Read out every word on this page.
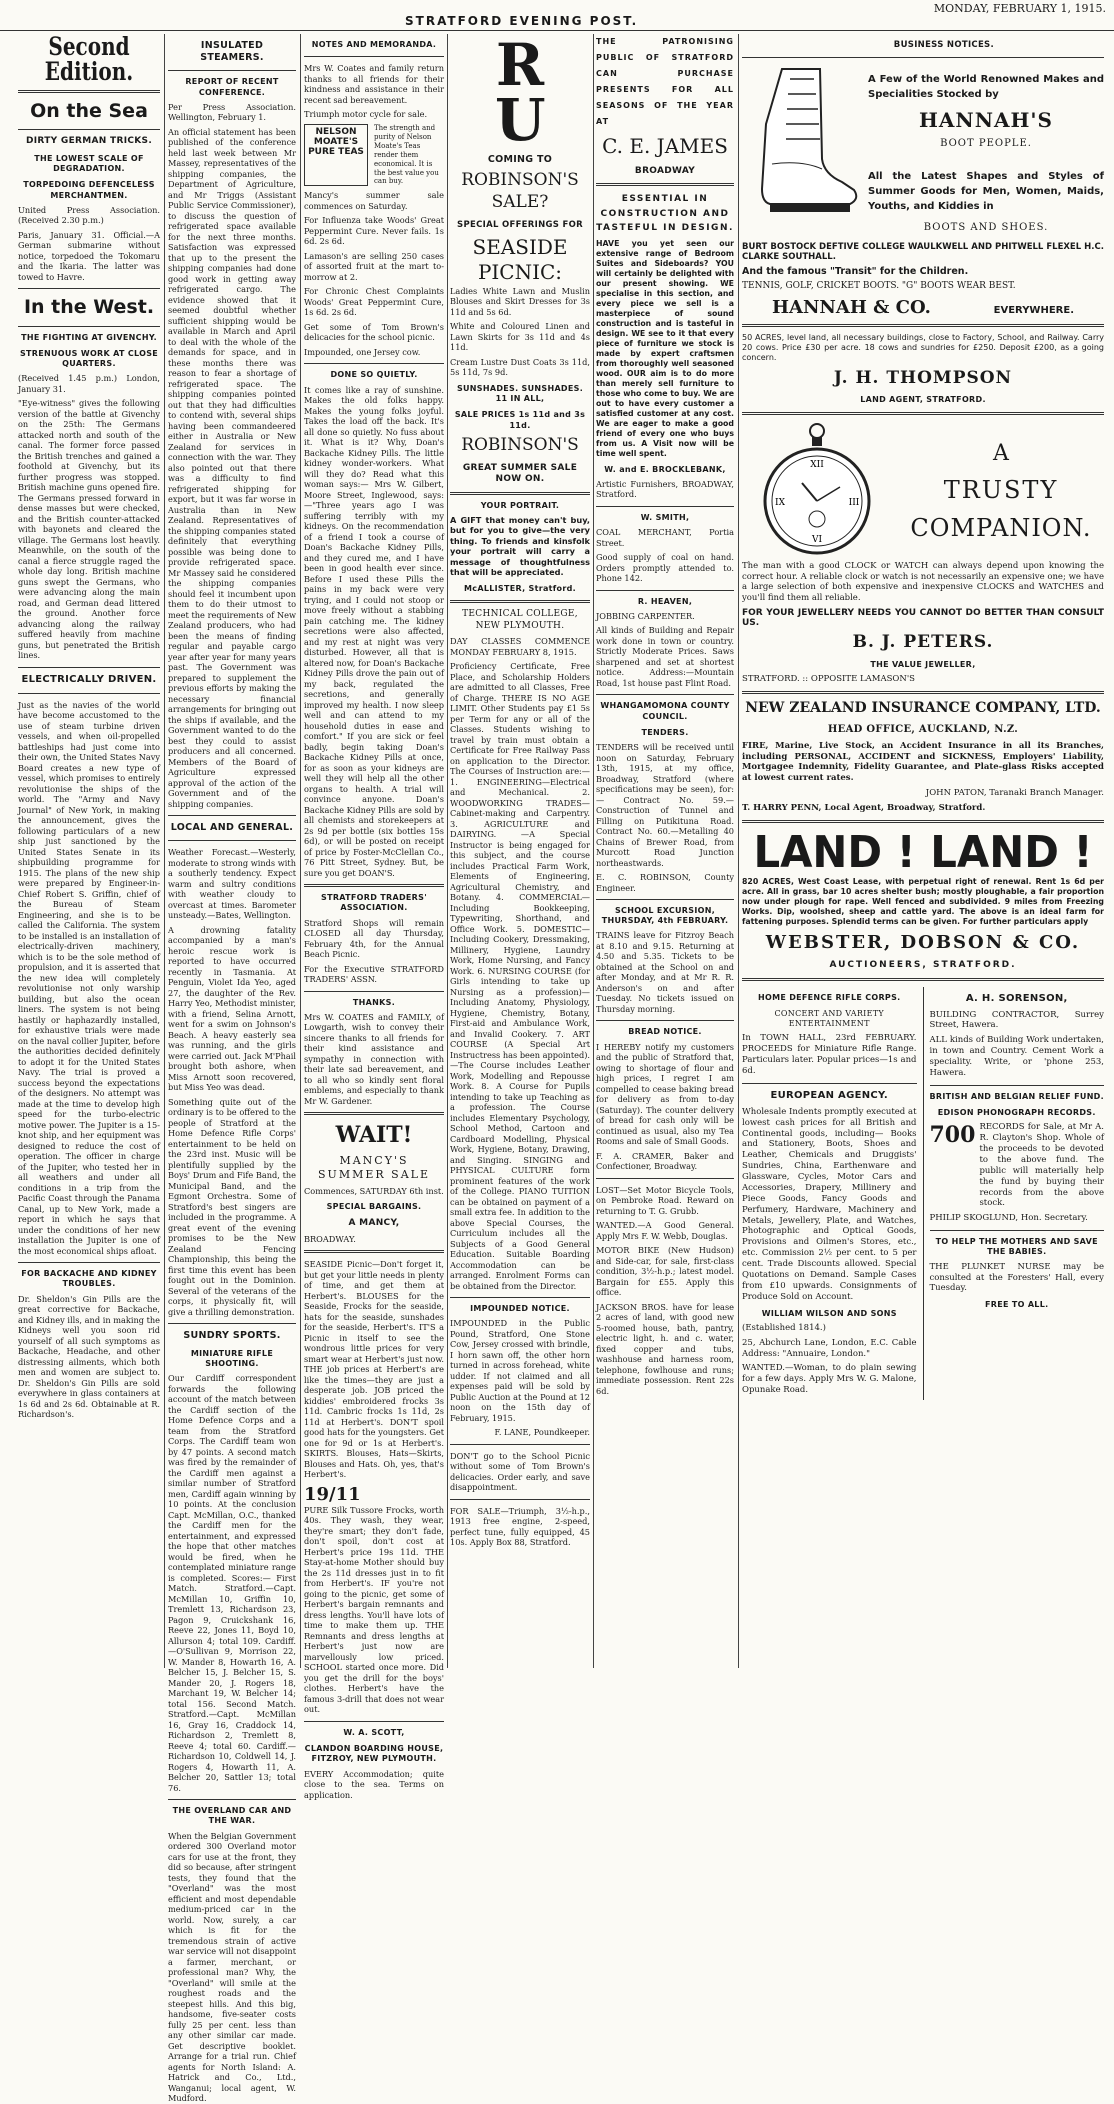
STRATFORD EVENING POST.
MONDAY, FEBRUARY 1, 1915.
Second Edition.
On the Sea
DIRTY GERMAN TRICKS.
THE LOWEST SCALE OF DEGRADATION.
TORPEDOING DEFENCELESS MERCHANTMEN.

United Press Association. (Received 2.30 p.m.)

Paris, January 31. Official.—A German submarine without notice, torpedoed the Tokomaru and the Ikaria. The latter was towed to Havre.

In the West.
THE FIGHTING AT GIVENCHY.
STRENUOUS WORK AT CLOSE QUARTERS.

(Received 1.45 p.m.) London, January 31.

"Eye-witness" gives the following version of the battle at Givenchy on the 25th: The Germans attacked north and south of the canal. The former force passed the British trenches and gained a foothold at Givenchy, but its further progress was stopped. British machine guns opened fire. The Germans pressed forward in dense masses but were checked, and the British counter-attacked with bayonets and cleared the village. The Germans lost heavily. Meanwhile, on the south of the canal a fierce struggle raged the whole day long. British machine guns swept the Germans, who were advancing along the main road, and German dead littered the ground. Another force advancing along the railway suffered heavily from machine guns, but penetrated the British lines.

ELECTRICALLY DRIVEN.

Just as the navies of the world have become accustomed to the use of steam turbine driven vessels, and when oil-propelled battleships had just come into their own, the United States Navy Board creates a new type of vessel, which promises to entirely revolutionise the ships of the world. The "Army and Navy Journal" of New York, in making the announcement, gives the following particulars of a new ship just sanctioned by the United States Senate in its shipbuilding programme for 1915. The plans of the new ship were prepared by Engineer-in-Chief Robert S. Griffin, chief of the Bureau of Steam Engineering, and she is to be called the California. The system to be installed is an installation of electrically-driven machinery, which is to be the sole method of propulsion, and it is asserted that the new idea will completely revolutionise not only warship building, but also the ocean liners. The system is not being hastily or haphazardly installed, for exhaustive trials were made on the naval collier Jupiter, before the authorities decided definitely to adopt it for the United States Navy. The trial is proved a success beyond the expectations of the designers. No attempt was made at the time to develop high speed for the turbo-electric motive power. The Jupiter is a 15-knot ship, and her equipment was designed to reduce the cost of operation. The officer in charge of the Jupiter, who tested her in all weathers and under all conditions in a trip from the Pacific Coast through the Panama Canal, up to New York, made a report in which he says that under the conditions of her new installation the Jupiter is one of the most economical ships afloat.

FOR BACKACHE AND KIDNEY TROUBLES.

Dr. Sheldon's Gin Pills are the great corrective for Backache, and Kidney ills, and in making the Kidneys well you soon rid yourself of all such symptoms as Backache, Headache, and other distressing ailments, which both men and women are subject to. Dr. Sheldon's Gin Pills are sold everywhere in glass containers at 1s 6d and 2s 6d. Obtainable at R. Richardson's.

INSULATED STEAMERS.
REPORT OF RECENT CONFERENCE.

Per Press Association. Wellington, February 1.

An official statement has been published of the conference held last week between Mr Massey, representatives of the shipping companies, the Department of Agriculture, and Mr Triggs (Assistant Public Service Commissioner), to discuss the question of refrigerated space available for the next three months. Satisfaction was expressed that up to the present the shipping companies had done good work in getting away refrigerated cargo. The evidence showed that it seemed doubtful whether sufficient shipping would be available in March and April to deal with the whole of the demands for space, and in these months there was reason to fear a shortage of refrigerated space. The shipping companies pointed out that they had difficulties to contend with, several ships having been commandeered either in Australia or New Zealand for services in connection with the war. They also pointed out that there was a difficulty to find refrigerated shipping for export, but it was far worse in Australia than in New Zealand. Representatives of the shipping companies stated definitely that everything possible was being done to provide refrigerated space. Mr Massey said he considered the shipping companies should feel it incumbent upon them to do their utmost to meet the requirements of New Zealand producers, who had been the means of finding regular and payable cargo year after year for many years past. The Government was prepared to supplement the previous efforts by making the necessary financial arrangements for bringing out the ships if available, and the Government wanted to do the best they could to assist producers and all concerned. Members of the Board of Agriculture expressed approval of the action of the Government and of the shipping companies.

LOCAL AND GENERAL.

Weather Forecast.—Westerly, moderate to strong winds with a southerly tendency. Expect warm and sultry conditions with weather cloudy to overcast at times. Barometer unsteady.—Bates, Wellington.

A drowning fatality accompanied by a man's heroic rescue work is reported to have occurred recently in Tasmania. At Penguin, Violet Ida Yeo, aged 27, the daughter of the Rev. Harry Yeo, Methodist minister, with a friend, Selina Arnott, went for a swim on Johnson's Beach. A heavy easterly sea was running, and the girls were carried out. Jack M'Phail brought both ashore, when Miss Arnott soon recovered, but Miss Yeo was dead.

Something quite out of the ordinary is to be offered to the people of Stratford at the Home Defence Rifle Corps' entertainment to be held on the 23rd inst. Music will be plentifully supplied by the Boys' Drum and Fife Band, the Municipal Band, and the Egmont Orchestra. Some of Stratford's best singers are included in the programme. A great event of the evening promises to be the New Zealand Fencing Championship, this being the first time this event has been fought out in the Dominion. Several of the veterans of the corps, it physically fit, will give a thrilling demonstration.

SUNDRY SPORTS.
MINIATURE RIFLE SHOOTING.

Our Cardiff correspondent forwards the following account of the match between the Cardiff section of the Home Defence Corps and a team from the Stratford Corps. The Cardiff team won by 47 points. A second match was fired by the remainder of the Cardiff men against a similar number of Stratford men, Cardiff again winning by 10 points. At the conclusion Capt. McMillan, O.C., thanked the Cardiff men for the entertainment, and expressed the hope that other matches would be fired, when he contemplated miniature range is completed. Scores:— First Match. Stratford.—Capt. McMillan 10, Griffin 10, Tremlett 13, Richardson 23, Pagon 9, Cruickshank 16, Reeve 22, Jones 11, Boyd 10, Allurson 4; total 109. Cardiff.—O'Sullivan 9, Morrison 22, W. Mander 8, Howarth 16, A. Belcher 15, J. Belcher 15, S. Mander 20, J. Rogers 18, Marchant 19, W. Belcher 14; total 156. Second Match. Stratford.—Capt. McMillan 16, Gray 16, Craddock 14, Richardson 2, Tremlett 8, Reeve 4; total 60. Cardiff.—Richardson 10, Coldwell 14, J. Rogers 4, Howarth 11, A. Belcher 20, Sattler 13; total 76.

THE OVERLAND CAR AND THE WAR.

When the Belgian Government ordered 300 Overland motor cars for use at the front, they did so because, after stringent tests, they found that the "Overland" was the most efficient and most dependable medium-priced car in the world. Now, surely, a car which is fit for the tremendous strain of active war service will not disappoint a farmer, merchant, or professional man? Why, the "Overland" will smile at the roughest roads and the steepest hills. And this big, handsome, five-seater costs fully 25 per cent. less than any other similar car made. Get descriptive booklet. Arrange for a trial run. Chief agents for North Island: A. Hatrick and Co., Ltd., Wanganui; local agent, W. Mudford.

NOTES AND MEMORANDA.

Mrs W. Coates and family return thanks to all friends for their kindness and assistance in their recent sad bereavement.

Triumph motor cycle for sale.

NELSON MOATE'S PURE TEAS
The strength and purity of Nelson Moate's Teas render them economical. It is the best value you can buy.

Mancy's summer sale commences on Saturday.

For Influenza take Woods' Great Peppermint Cure. Never fails. 1s 6d. 2s 6d.

Lamason's are selling 250 cases of assorted fruit at the mart to-morrow at 2.

For Chronic Chest Complaints Woods' Great Peppermint Cure, 1s 6d. 2s 6d.

Get some of Tom Brown's delicacies for the school picnic.

Impounded, one Jersey cow.

DONE SO QUIETLY.

It comes like a ray of sunshine. Makes the old folks happy. Makes the young folks joyful. Takes the load off the back. It's all done so quietly. No fuss about it. What is it? Why, Doan's Backache Kidney Pills. The little kidney wonder-workers. What will they do? Read what this woman says:— Mrs W. Gilbert, Moore Street, Inglewood, says:—"Three years ago I was suffering terribly with my kidneys. On the recommendation of a friend I took a course of Doan's Backache Kidney Pills, and they cured me, and I have been in good health ever since. Before I used these Pills the pains in my back were very trying, and I could not stoop or move freely without a stabbing pain catching me. The kidney secretions were also affected, and my rest at night was very disturbed. However, all that is altered now, for Doan's Backache Kidney Pills drove the pain out of my back, regulated the secretions, and generally improved my health. I now sleep well and can attend to my household duties in ease and comfort." If you are sick or feel badly, begin taking Doan's Backache Kidney Pills at once, for as soon as your kidneys are well they will help all the other organs to health. A trial will convince anyone. Doan's Backache Kidney Pills are sold by all chemists and storekeepers at 2s 9d per bottle (six bottles 15s 6d), or will be posted on receipt of price by Foster-McClellan Co., 76 Pitt Street, Sydney. But, be sure you get DOAN'S.

STRATFORD TRADERS' ASSOCIATION.

Stratford Shops will remain CLOSED all day Thursday, February 4th, for the Annual Beach Picnic.

For the Executive STRATFORD TRADERS' ASSN.

THANKS.

Mrs W. COATES and FAMILY, of Lowgarth, wish to convey their sincere thanks to all friends for their kind assistance and sympathy in connection with their late sad bereavement, and to all who so kindly sent floral emblems, and especially to thank Mr W. Gardener.

WAIT!
MANCY'S SUMMER SALE

Commences, SATURDAY 6th inst.

SPECIAL BARGAINS.
A MANCY,

BROADWAY.

SEASIDE Picnic—Don't forget it, but get your little needs in plenty of time, and get them at Herbert's. BLOUSES for the Seaside, Frocks for the seaside, hats for the seaside, sunshades for the seaside, Herbert's. IT'S a Picnic in itself to see the wondrous little prices for very smart wear at Herbert's just now. THE job prices at Herbert's are like the times—they are just a desperate job. JOB priced the kiddies' embroidered frocks 3s 11d. Cambric frocks 1s 11d, 2s 11d at Herbert's. DON'T spoil good hats for the youngsters. Get one for 9d or 1s at Herbert's. SKIRTS. Blouses, Hats—Skirts, Blouses and Hats. Oh, yes, that's Herbert's.

19/11

PURE Silk Tussore Frocks, worth 40s. They wash, they wear, they're smart; they don't fade, don't spoil, don't cost at Herbert's price 19s 11d. THE Stay-at-home Mother should buy the 2s 11d dresses just in to fit from Herbert's. IF you're not going to the picnic, get some of Herbert's bargain remnants and dress lengths. You'll have lots of time to make them up. THE Remnants and dress lengths at Herbert's just now are marvellously low priced. SCHOOL started once more. Did you get the drill for the boys' clothes. Herbert's have the famous 3-drill that does not wear out.

W. A. SCOTT,
CLANDON BOARDING HOUSE, FITZROY, NEW PLYMOUTH.

EVERY Accommodation; quite close to the sea. Terms on application.

R U
COMING TO
ROBINSON'S
SALE?
SPECIAL OFFERINGS FOR
SEASIDE
PICNIC:

Ladies White Lawn and Muslin Blouses and Skirt Dresses for 3s 11d and 5s 6d.

White and Coloured Linen and Lawn Skirts for 3s 11d and 4s 11d.

Cream Lustre Dust Coats 3s 11d, 5s 11d, 7s 9d.

SUNSHADES. SUNSHADES. 11 IN ALL,
SALE PRICES 1s 11d and 3s 11d.
ROBINSON'S
GREAT SUMMER SALE NOW ON.
YOUR PORTRAIT.

A GIFT that money can't buy, but for you to give—the very thing. To friends and kinsfolk your portrait will carry a message of thoughtfulness that will be appreciated.

McALLISTER, Stratford.
TECHNICAL COLLEGE, NEW PLYMOUTH.

DAY CLASSES COMMENCE MONDAY FEBRUARY 8, 1915.

Proficiency Certificate, Free Place, and Scholarship Holders are admitted to all Classes, Free of Charge. THERE IS NO AGE LIMIT. Other Students pay £1 5s per Term for any or all of the Classes. Students wishing to travel by train must obtain a Certificate for Free Railway Pass on application to the Director. The Courses of Instruction are:— 1. ENGINEERING—Electrical and Mechanical. 2. WOODWORKING TRADES—Cabinet-making and Carpentry. 3. AGRICULTURE and DAIRYING. —A Special Instructor is being engaged for this subject, and the course includes Practical Farm Work, Elements of Engineering, Agricultural Chemistry, and Botany. 4. COMMERCIAL—Including Bookkeeping, Typewriting, Shorthand, and Office Work. 5. DOMESTIC—Including Cookery, Dressmaking, Millinery, Hygiene, Laundry Work, Home Nursing, and Fancy Work. 6. NURSING COURSE (for Girls intending to take up Nursing as a profession)—Including Anatomy, Physiology, Hygiene, Chemistry, Botany, First-aid and Ambulance Work, and Invalid Cookery. 7. ART COURSE (A Special Art Instructress has been appointed).—The Course includes Leather Work, Modelling and Repousse Work. 8. A Course for Pupils intending to take up Teaching as a profession. The Course includes Elementary Psychology, School Method, Cartoon and Cardboard Modelling, Physical Work, Hygiene, Botany, Drawing, and Singing. SINGING and PHYSICAL CULTURE form prominent features of the work of the College. PIANO TUITION can be obtained on payment of a small extra fee. In addition to the above Special Courses, the Curriculum includes all the Subjects of a Good General Education. Suitable Boarding Accommodation can be arranged. Enrolment Forms can be obtained from the Director.

IMPOUNDED NOTICE.

IMPOUNDED in the Public Pound, Stratford, One Stone Cow, Jersey crossed with brindle, I horn sawn off, the other horn turned in across forehead, white udder. If not claimed and all expenses paid will be sold by Public Auction at the Pound at 12 noon on the 15th day of February, 1915.

F. LANE, Poundkeeper.

DON'T go to the School Picnic without some of Tom Brown's delicacies. Order early, and save disappointment.

FOR SALE—Triumph, 3½-h.p., 1913 free engine, 2-speed, perfect tune, fully equipped, 45 10s. Apply Box 88, Stratford.

THE PATRONISING PUBLIC OF STRATFORD CAN PURCHASE PRESENTS FOR ALL SEASONS OF THE YEAR AT

C. E. JAMES
BROADWAY
ESSENTIAL IN CONSTRUCTION AND TASTEFUL IN DESIGN.

HAVE you yet seen our extensive range of Bedroom Suites and Sideboards? YOU will certainly be delighted with our present showing. WE specialise in this section, and every piece we sell is a masterpiece of sound construction and is tasteful in design. WE see to it that every piece of furniture we stock is made by expert craftsmen from thoroughly well seasoned wood. OUR aim is to do more than merely sell furniture to those who come to buy. We are out to have every customer a satisfied customer at any cost. We are eager to make a good friend of every one who buys from us. A Visit now will be time well spent.

W. and E. BROCKLEBANK,

Artistic Furnishers, BROADWAY, Stratford.

W. SMITH,

COAL MERCHANT, Portia Street.

Good supply of coal on hand. Orders promptly attended to. Phone 142.

R. HEAVEN,

JOBBING CARPENTER.

All kinds of Building and Repair work done in town or country. Strictly Moderate Prices. Saws sharpened and set at shortest notice. Address:—Mountain Road, 1st house past Flint Road.

WHANGAMOMONA COUNTY COUNCIL.
TENDERS.

TENDERS will be received until noon on Saturday, February 13th, 1915, at my office, Broadway, Stratford (where specifications may be seen), for:— Contract No. 59.—Construction of Tunnel and Filling on Putikituna Road. Contract No. 60.—Metalling 40 Chains of Brewer Road, from Murcott Road Junction northeastwards.

E. C. ROBINSON, County Engineer.

SCHOOL EXCURSION, THURSDAY, 4th FEBRUARY.

TRAINS leave for Fitzroy Beach at 8.10 and 9.15. Returning at 4.50 and 5.35. Tickets to be obtained at the School on and after Monday, and at Mr R. R. Anderson's on and after Tuesday. No tickets issued on Thursday morning.

BREAD NOTICE.

I HEREBY notify my customers and the public of Stratford that, owing to shortage of flour and high prices, I regret I am compelled to cease baking bread for delivery as from to-day (Saturday). The counter delivery of bread for cash only will be continued as usual, also my Tea Rooms and sale of Small Goods.

F. A. CRAMER, Baker and Confectioner, Broadway.

LOST—Set Motor Bicycle Tools, on Pembroke Road. Reward on returning to T. G. Grubb.

WANTED.—A Good General. Apply Mrs F. W. Webb, Douglas.

MOTOR BIKE (New Hudson) and Side-car, for sale, first-class condition, 3½-h.p.; latest model. Bargain for £55. Apply this office.

JACKSON BROS. have for lease 2 acres of land, with good new 5-roomed house, bath, pantry, electric light, h. and c. water, fixed copper and tubs, washhouse and harness room, telephone, fowlhouse and runs; immediate possession. Rent 22s 6d.

BUSINESS NOTICES.

A Few of the World Renowned Makes and Specialities Stocked by

HANNAH'S
BOOT PEOPLE.

All the Latest Shapes and Styles of Summer Goods for Men, Women, Maids, Youths, and Kiddies in

BOOTS AND SHOES.

BURT BOSTOCK DEFTIVE COLLEGE WAULKWELL AND PHITWELL FLEXEL H.C. CLARKE SOUTHALL.

And the famous "Transit" for the Children.

TENNIS, GOLF, CRICKET BOOTS. "G" BOOTS WEAR BEST.

HANNAH & CO.	EVERYWHERE.

50 ACRES, level land, all necessary buildings, close to Factory, School, and Railway. Carry 20 cows. Price £30 per acre. 18 cows and sundries for £250. Deposit £200, as a going concern.

J. H. THOMPSON
LAND AGENT, STRATFORD.
XII
III
VI
IX
A
TRUSTY
COMPANION.

The man with a good CLOCK or WATCH can always depend upon knowing the correct hour. A reliable clock or watch is not necessarily an expensive one; we have a large selection of both expensive and inexpensive CLOCKS and WATCHES and you'll find them all reliable.

FOR YOUR JEWELLERY NEEDS YOU CANNOT DO BETTER THAN CONSULT US.

B. J. PETERS.
THE VALUE JEWELLER,

STRATFORD. :: OPPOSITE LAMASON'S

NEW ZEALAND INSURANCE COMPANY, LTD.
HEAD OFFICE, AUCKLAND, N.Z.

FIRE, Marine, Live Stock, an Accident Insurance in all its Branches, including PERSONAL, ACCIDENT and SICKNESS, Employers' Liability, Mortgagee Indemnity, Fidelity Guarantee, and Plate-glass Risks accepted at lowest current rates.

JOHN PATON, Taranaki Branch Manager.

T. HARRY PENN, Local Agent, Broadway, Stratford.

LAND ! LAND !

820 ACRES, West Coast Lease, with perpetual right of renewal. Rent 1s 6d per acre. All in grass, bar 10 acres shelter bush; mostly ploughable, a fair proportion now under plough for rape. Well fenced and subdivided. 9 miles from Freezing Works. Dip, woolshed, sheep and cattle yard. The above is an ideal farm for fattening purposes. Splendid terms can be given. For further particulars apply

WEBSTER, DOBSON & CO.
AUCTIONEERS, STRATFORD.
HOME DEFENCE RIFLE CORPS.
CONCERT AND VARIETY ENTERTAINMENT

In TOWN HALL, 23rd FEBRUARY. PROCEEDS for Miniature Rifle Range. Particulars later. Popular prices—1s and 6d.

EUROPEAN AGENCY.

Wholesale Indents promptly executed at lowest cash prices for all British and Continental goods, including— Books and Stationery, Boots, Shoes and Leather, Chemicals and Druggists' Sundries, China, Earthenware and Glassware, Cycles, Motor Cars and Accessories, Drapery, Millinery and Piece Goods, Fancy Goods and Perfumery, Hardware, Machinery and Metals, Jewellery, Plate, and Watches, Photographic and Optical Goods, Provisions and Oilmen's Stores, etc., etc. Commission 2½ per cent. to 5 per cent. Trade Discounts allowed. Special Quotations on Demand. Sample Cases from £10 upwards. Consignments of Produce Sold on Account.

WILLIAM WILSON AND SONS

(Established 1814.)

25, Abchurch Lane, London, E.C. Cable Address: "Annuaire, London."

WANTED.—Woman, to do plain sewing for a few days. Apply Mrs W. G. Malone, Opunake Road.

A. H. SORENSON,

BUILDING CONTRACTOR, Surrey Street, Hawera.

ALL kinds of Building Work undertaken, in town and Country. Cement Work a speciality. Write, or 'phone 253, Hawera.

BRITISH AND BELGIAN RELIEF FUND.
EDISON PHONOGRAPH RECORDS.
700 RECORDS for Sale, at Mr A. R. Clayton's Shop. Whole of the proceeds to be devoted to the above fund. The public will materially help the fund by buying their records from the above stock.

PHILIP SKOGLUND, Hon. Secretary.

TO HELP THE MOTHERS AND SAVE THE BABIES.

THE PLUNKET NURSE may be consulted at the Foresters' Hall, every Tuesday.

FREE TO ALL.
